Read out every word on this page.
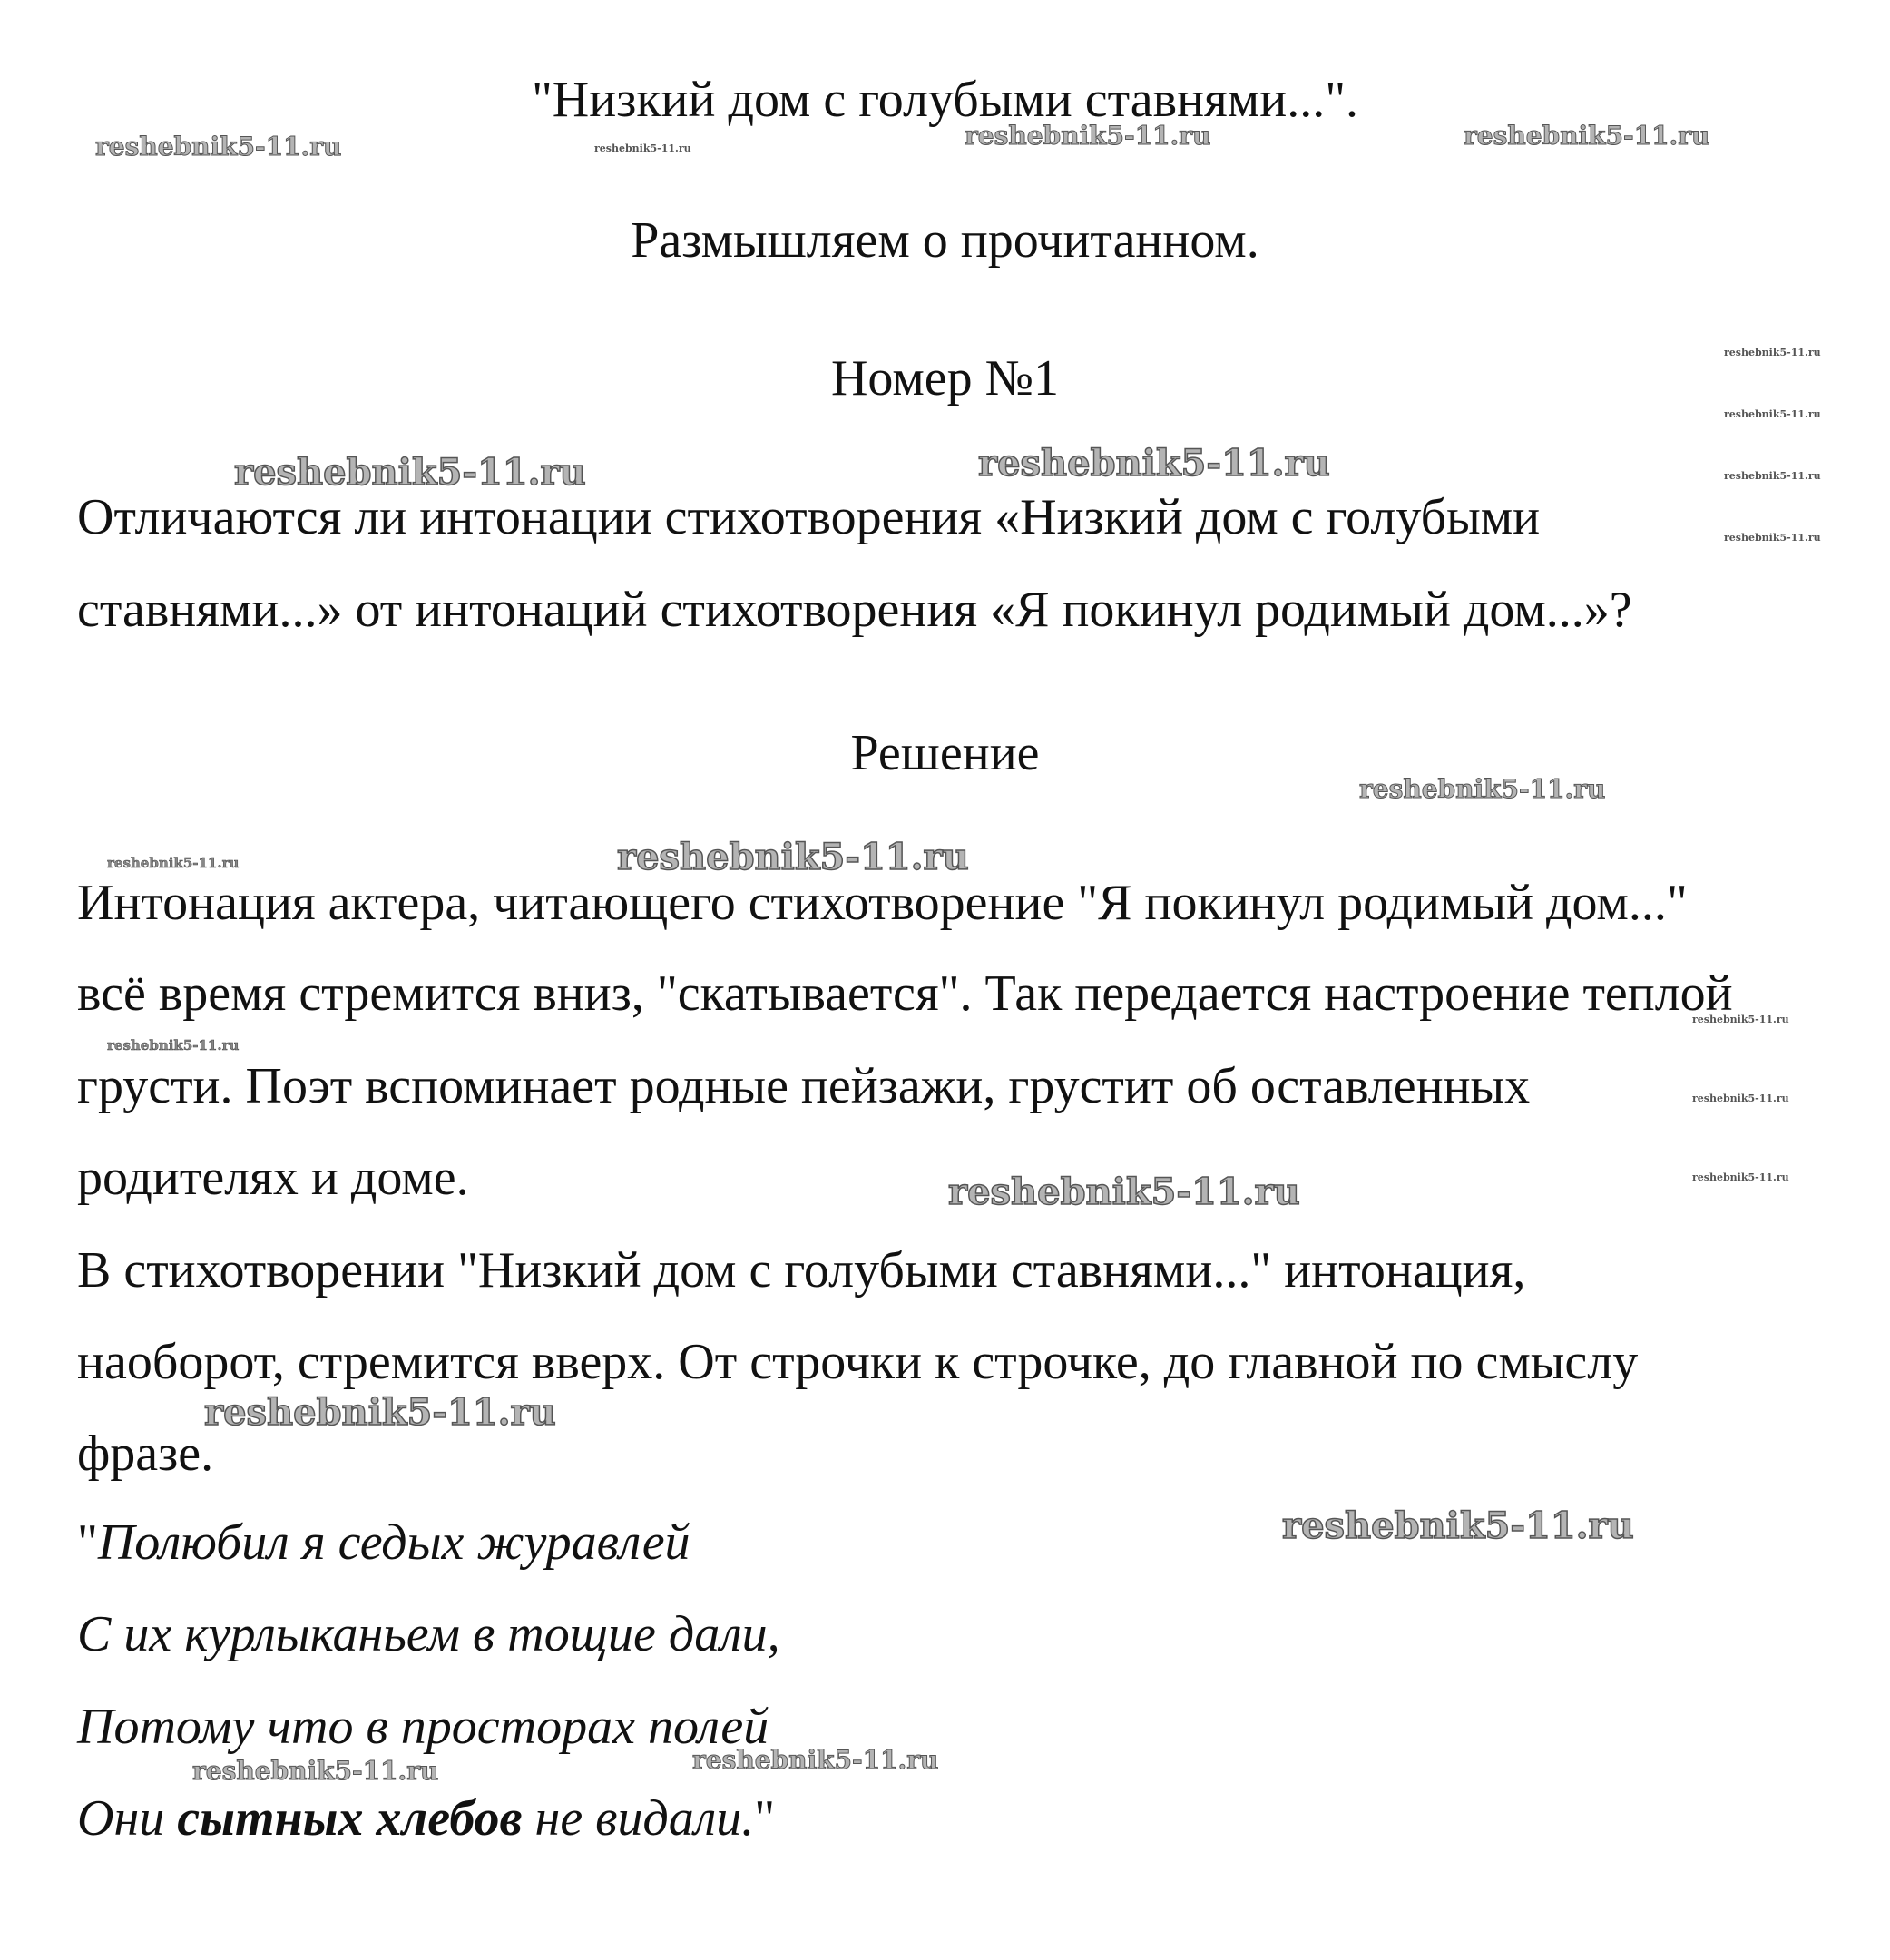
reshebnik5-11.ru	reshebnik5-11.ru	reshebnik5-11.ru	reshebnik5-11.ru
reshebnik5-11.ru
reshebnik5-11.ru
reshebnik5-11.ru
reshebnik5-11.ru
reshebnik5-11.ru	reshebnik5-11.ru
reshebnik5-11.ru
reshebnik5-11.ru	reshebnik5-11.ru
reshebnik5-11.ru
reshebnik5-11.ru
reshebnik5-11.ru
reshebnik5-11.ru
reshebnik5-11.ru
reshebnik5-11.ru
reshebnik5-11.ru
reshebnik5-11.ru	reshebnik5-11.ru

"Низкий дом с голубыми ставнями...".

Размышляем о прочитанном.

Номер №1

Отличаются ли интонации стихотворения «Низкий дом с голубыми

ставнями...» от интонаций стихотворения «Я покинул родимый дом...»?

Решение

Интонация актера, читающего стихотворение "Я покинул родимый дом..."

всё время стремится вниз, "скатывается". Так передается настроение теплой

грусти. Поэт вспоминает родные пейзажи, грустит об оставленных

родителях и доме.

В стихотворении "Низкий дом с голубыми ставнями..." интонация,

наоборот, стремится вверх. От строчки к строчке, до главной по смыслу

фразе.

"Полюбил я седых журавлей

С их курлыканьем в тощие дали,

Потому что в просторах полей

Они сытных хлебов не видали."
